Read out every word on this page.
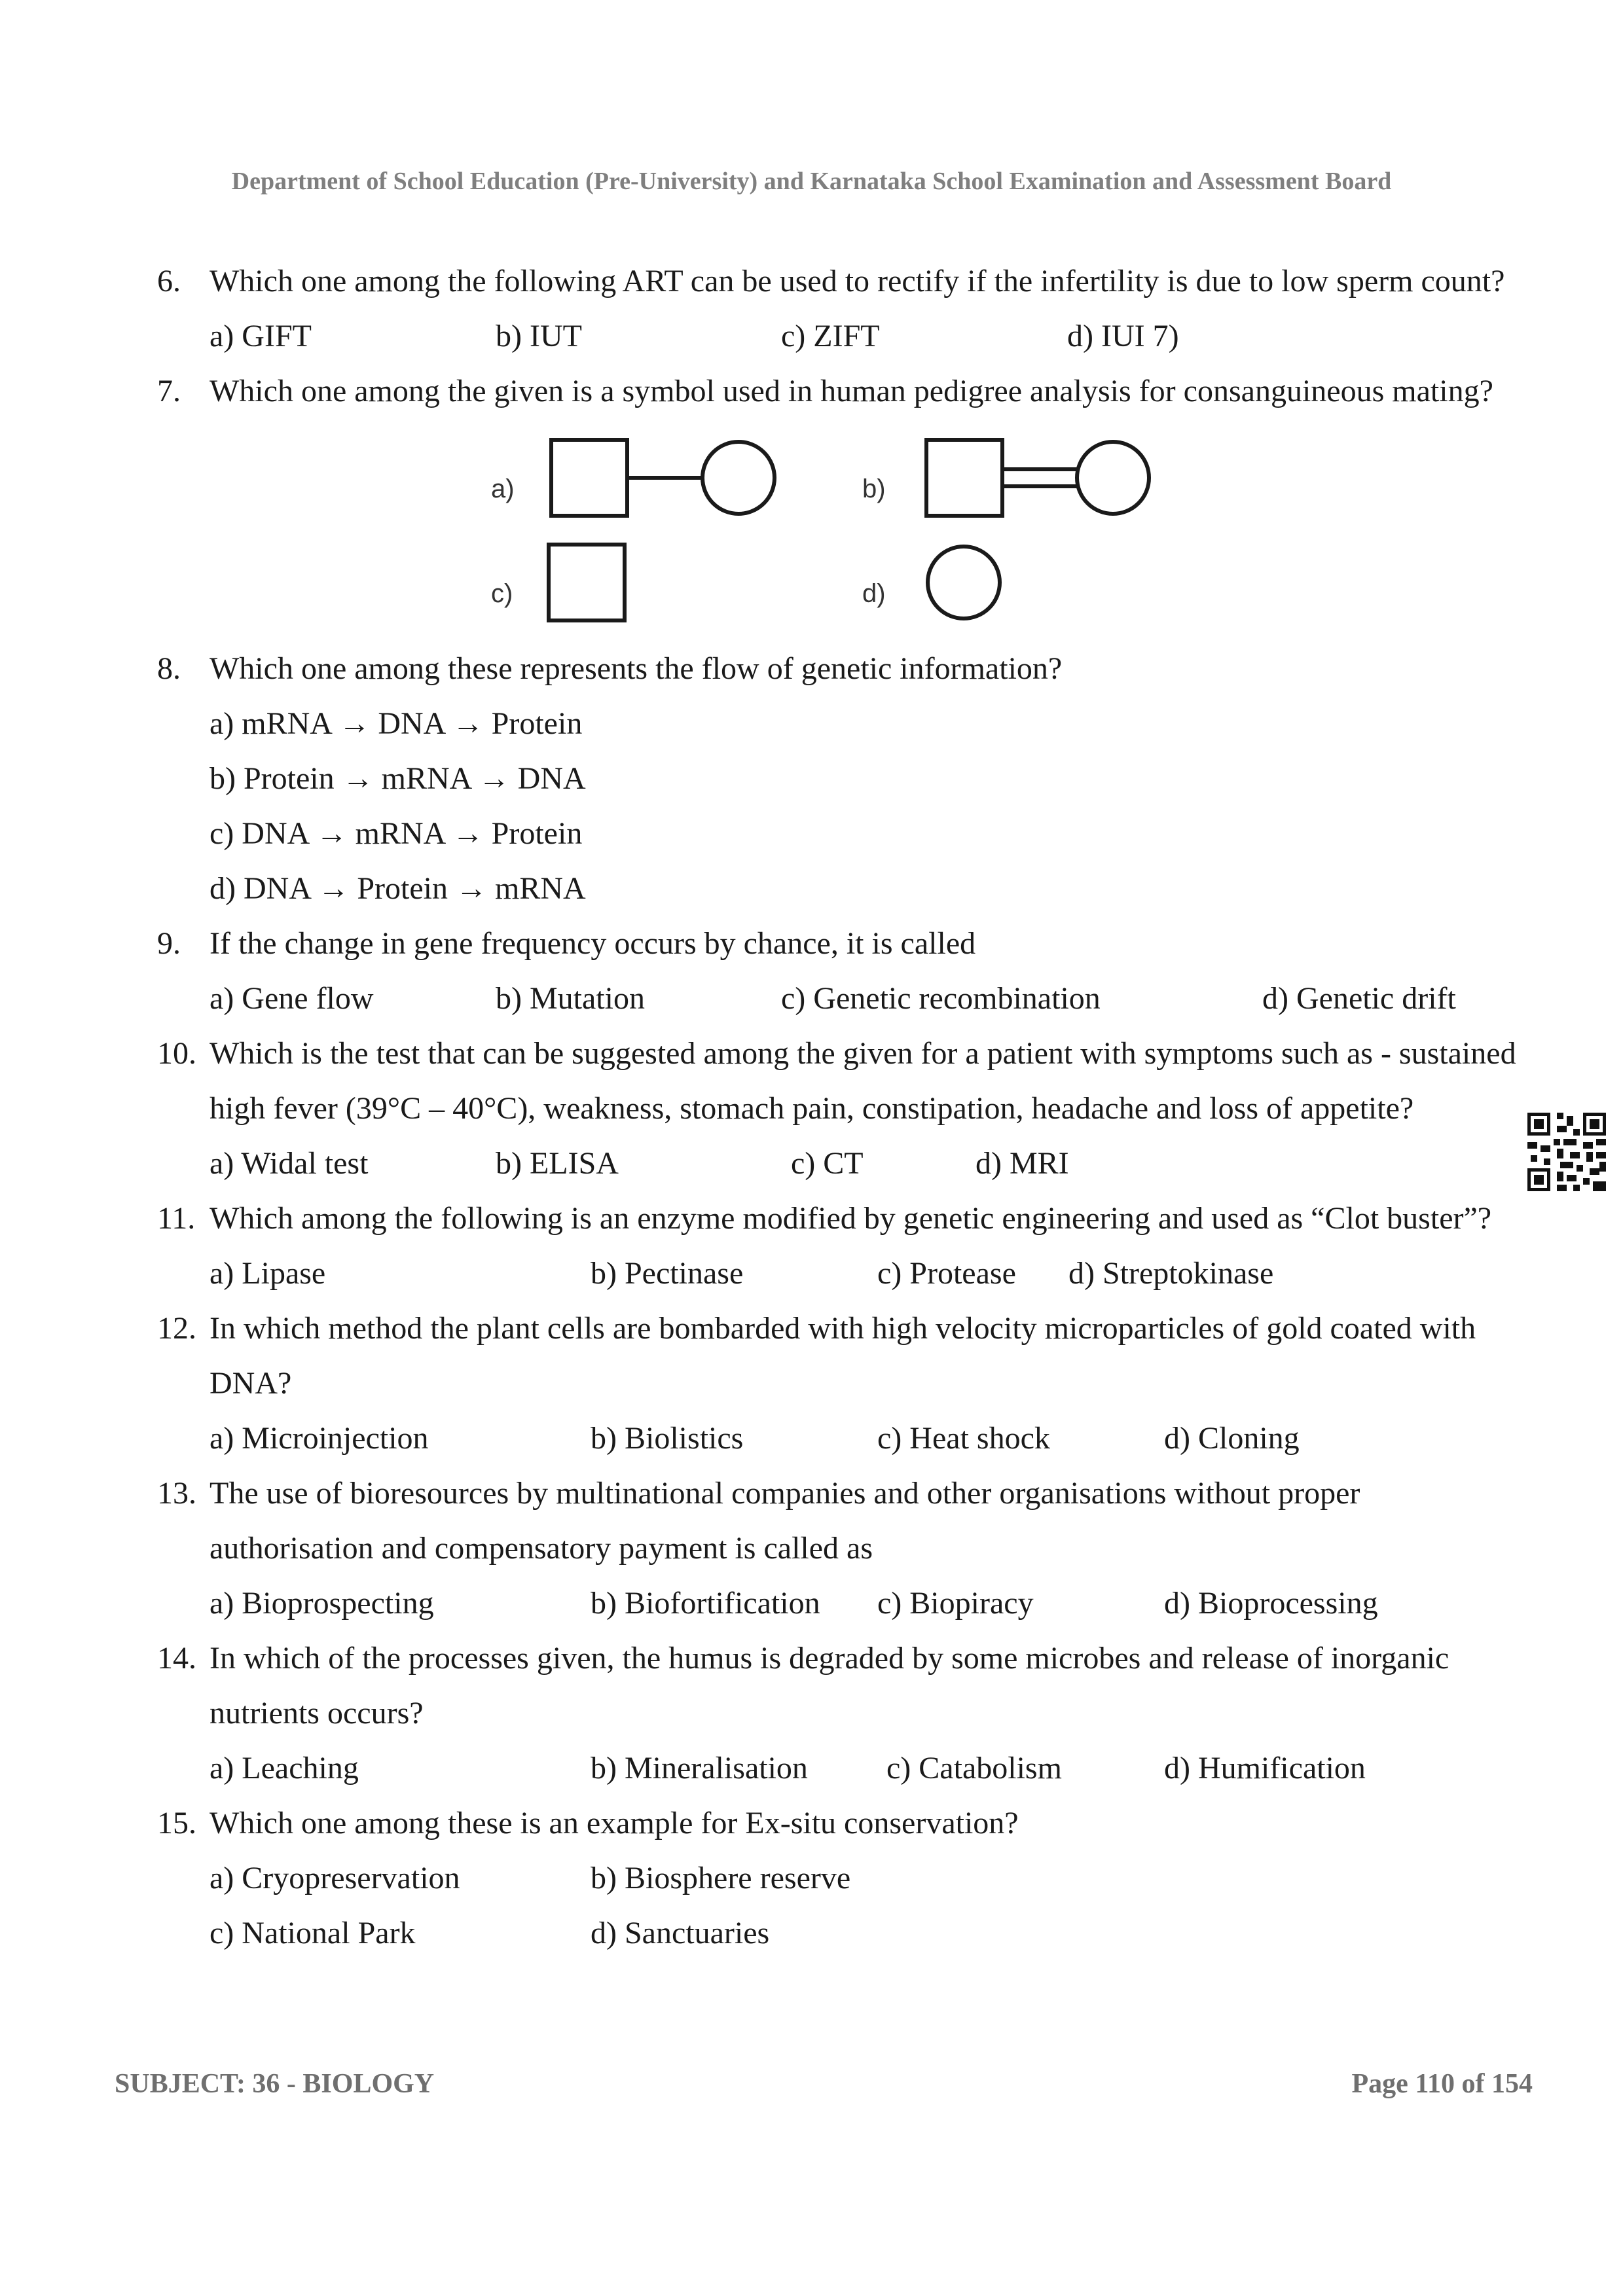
Department of School Education (Pre-University) and Karnataka School Examination and Assessment Board
6. Which one among the following ART can be used to rectify if the infertility is due to low sperm count?
a) GIFT	b) IUT	c) ZIFT	d) IUI 7)
7. Which one among the given is a symbol used in human pedigree analysis for consanguineous mating?
a)	b)
c)	d)
8. Which one among these represents the flow of genetic information?
a) mRNA → DNA → Protein
b) Protein → mRNA → DNA
c) DNA → mRNA → Protein
d) DNA → Protein → mRNA
9. If the change in gene frequency occurs by chance, it is called
a) Gene flow	b) Mutation	c) Genetic recombination	d) Genetic drift
10. Which is the test that can be suggested among the given for a patient with symptoms such as - sustained
high fever (39°C – 40°C), weakness, stomach pain, constipation, headache and loss of appetite?
a) Widal test	b) ELISA	c) CT	d) MRI
11. Which among the following is an enzyme modified by genetic engineering and used as “Clot buster”?
a) Lipase	b) Pectinase	c) Protease d) Streptokinase
12. In which method the plant cells are bombarded with high velocity microparticles of gold coated with
DNA?
a) Microinjection	b) Biolistics	c) Heat shock	d) Cloning
13. The use of bioresources by multinational companies and other organisations without proper
authorisation and compensatory payment is called as
a) Bioprospecting	b) Biofortification c) Biopiracy	d) Bioprocessing
14. In which of the processes given, the humus is degraded by some microbes and release of inorganic
nutrients occurs?
a) Leaching	b) Mineralisation	c) Catabolism	d) Humification
15. Which one among these is an example for Ex-situ conservation?
a) Cryopreservation	b) Biosphere reserve
c) National Park	d) Sanctuaries
SUBJECT: 36 - BIOLOGY	Page 110 of 154
